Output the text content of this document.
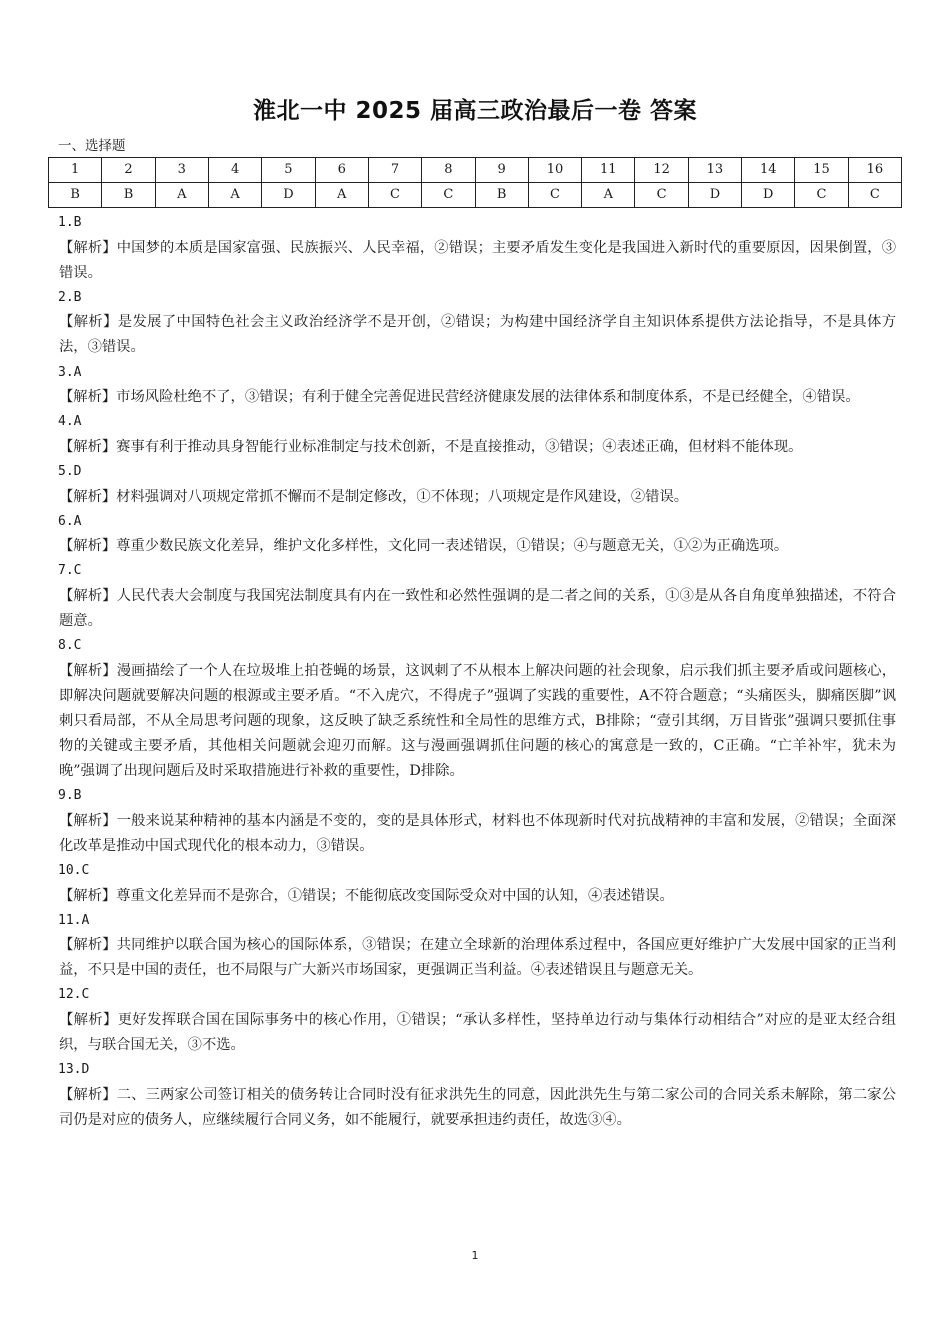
淮北一中 2025 届高三政治最后一卷 答案
一、选择题
1	2	3	4	5	6	7	8	9	10	11	12	13	14	15	16
B	B	A	A	D	A	C	C	B	C	A	C	D	D	C	C
1.B
【解析】中国梦的本质是国家富强、民族振兴、人民幸福，②错误；主要矛盾发生变化是我国进入新时代的重要原因，因果倒置，③错误。
2.B
【解析】是发展了中国特色社会主义政治经济学不是开创，②错误；为构建中国经济学自主知识体系提供方法论指导，不是具体方法，③错误。
3.A
【解析】市场风险杜绝不了，③错误；有利于健全完善促进民营经济健康发展的法律体系和制度体系，不是已经健全，④错误。
4.A
【解析】赛事有利于推动具身智能行业标准制定与技术创新，不是直接推动，③错误；④表述正确，但材料不能体现。
5.D
【解析】材料强调对八项规定常抓不懈而不是制定修改，①不体现；八项规定是作风建设，②错误。
6.A
【解析】尊重少数民族文化差异，维护文化多样性，文化同一表述错误，①错误；④与题意无关，①②为正确选项。
7.C
【解析】人民代表大会制度与我国宪法制度具有内在一致性和必然性强调的是二者之间的关系，①③是从各自角度单独描述，不符合题意。
8.C
【解析】漫画描绘了一个人在垃圾堆上拍苍蝇的场景，这讽刺了不从根本上解决问题的社会现象，启示我们抓主要矛盾或问题核心，即解决问题就要解决问题的根源或主要矛盾。“不入虎穴，不得虎子”强调了实践的重要性，A不符合题意；“头痛医头，脚痛医脚”讽刺只看局部，不从全局思考问题的现象，这反映了缺乏系统性和全局性的思维方式，B排除；“壹引其纲，万目皆张”强调只要抓住事物的关键或主要矛盾，其他相关问题就会迎刃而解。这与漫画强调抓住问题的核心的寓意是一致的，C正确。“亡羊补牢，犹未为晚”强调了出现问题后及时采取措施进行补救的重要性，D排除。
9.B
【解析】一般来说某种精神的基本内涵是不变的，变的是具体形式，材料也不体现新时代对抗战精神的丰富和发展，②错误；全面深化改革是推动中国式现代化的根本动力，③错误。
10.C
【解析】尊重文化差异而不是弥合，①错误；不能彻底改变国际受众对中国的认知，④表述错误。
11.A
【解析】共同维护以联合国为核心的国际体系，③错误；在建立全球新的治理体系过程中，各国应更好维护广大发展中国家的正当利益，不只是中国的责任，也不局限与广大新兴市场国家，更强调正当利益。④表述错误且与题意无关。
12.C
【解析】更好发挥联合国在国际事务中的核心作用，①错误；“承认多样性，坚持单边行动与集体行动相结合”对应的是亚太经合组织，与联合国无关，③不选。
13.D
【解析】二、三两家公司签订相关的债务转让合同时没有征求洪先生的同意，因此洪先生与第二家公司的合同关系未解除，第二家公司仍是对应的债务人，应继续履行合同义务，如不能履行，就要承担违约责任，故选③④。
1
